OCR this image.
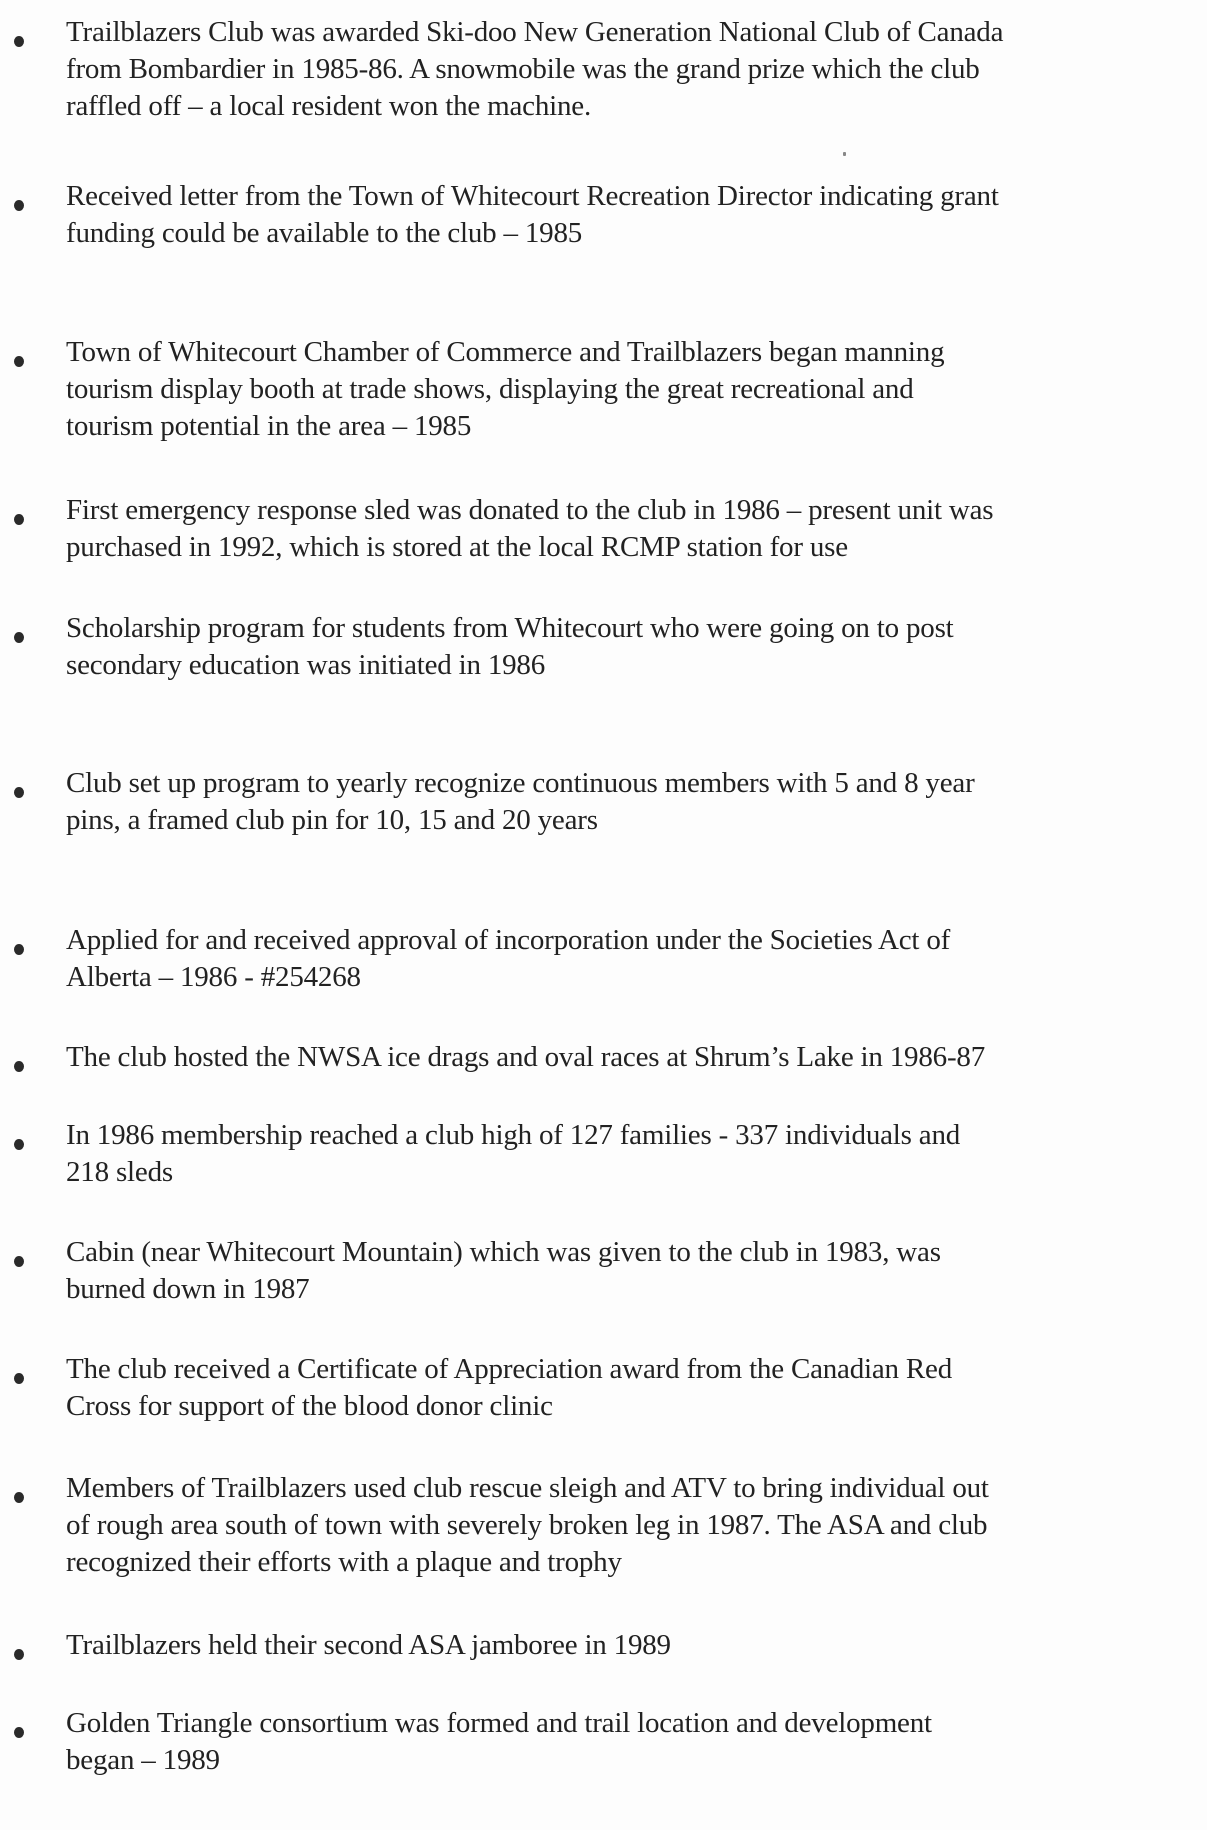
Trailblazers Club was awarded Ski-doo New Generation National Club of Canada
from Bombardier in 1985-86. A snowmobile was the grand prize which the club
raffled off – a local resident won the machine.
Received letter from the Town of Whitecourt Recreation Director indicating grant
funding could be available to the club – 1985
Town of Whitecourt Chamber of Commerce and Trailblazers began manning
tourism display booth at trade shows, displaying the great recreational and
tourism potential in the area – 1985
First emergency response sled was donated to the club in 1986 – present unit was
purchased in 1992, which is stored at the local RCMP station for use
Scholarship program for students from Whitecourt who were going on to post
secondary education was initiated in 1986
Club set up program to yearly recognize continuous members with 5 and 8 year
pins, a framed club pin for 10, 15 and 20 years
Applied for and received approval of incorporation under the Societies Act of
Alberta – 1986 - #254268
The club hosted the NWSA ice drags and oval races at Shrum’s Lake in 1986-87
In 1986 membership reached a club high of 127 families - 337 individuals and
218 sleds
Cabin (near Whitecourt Mountain) which was given to the club in 1983, was
burned down in 1987
The club received a Certificate of Appreciation award from the Canadian Red
Cross for support of the blood donor clinic
Members of Trailblazers used club rescue sleigh and ATV to bring individual out
of rough area south of town with severely broken leg in 1987. The ASA and club
recognized their efforts with a plaque and trophy
Trailblazers held their second ASA jamboree in 1989
Golden Triangle consortium was formed and trail location and development
began – 1989
